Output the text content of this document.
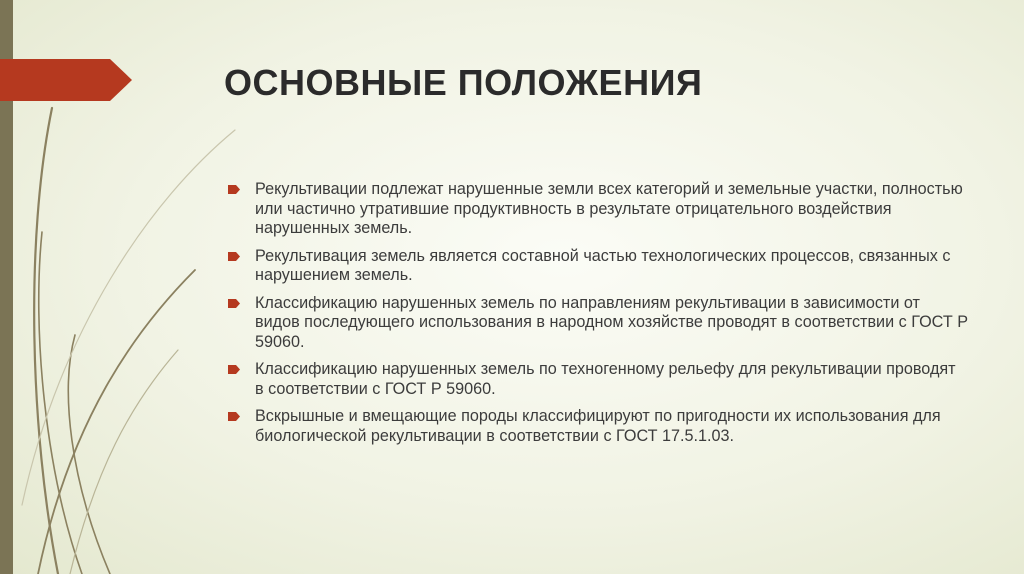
ОСНОВНЫЕ ПОЛОЖЕНИЯ
Рекультивации подлежат нарушенные земли всех категорий и земельные участки, полностью или частично утратившие продуктивность в результате отрицательного воздействия нарушенных земель.
Рекультивация земель является составной частью технологических процессов, связанных с нарушением земель.
Классификацию нарушенных земель по направлениям рекультивации в зависимости от видов последующего использования в народном хозяйстве проводят в соответствии с ГОСТ Р 59060.
Классификацию нарушенных земель по техногенному рельефу для рекультивации проводят в соответствии с ГОСТ Р 59060.
Вскрышные и вмещающие породы классифицируют по пригодности их использования для биологической рекультивации в соответствии с ГОСТ 17.5.1.03.
